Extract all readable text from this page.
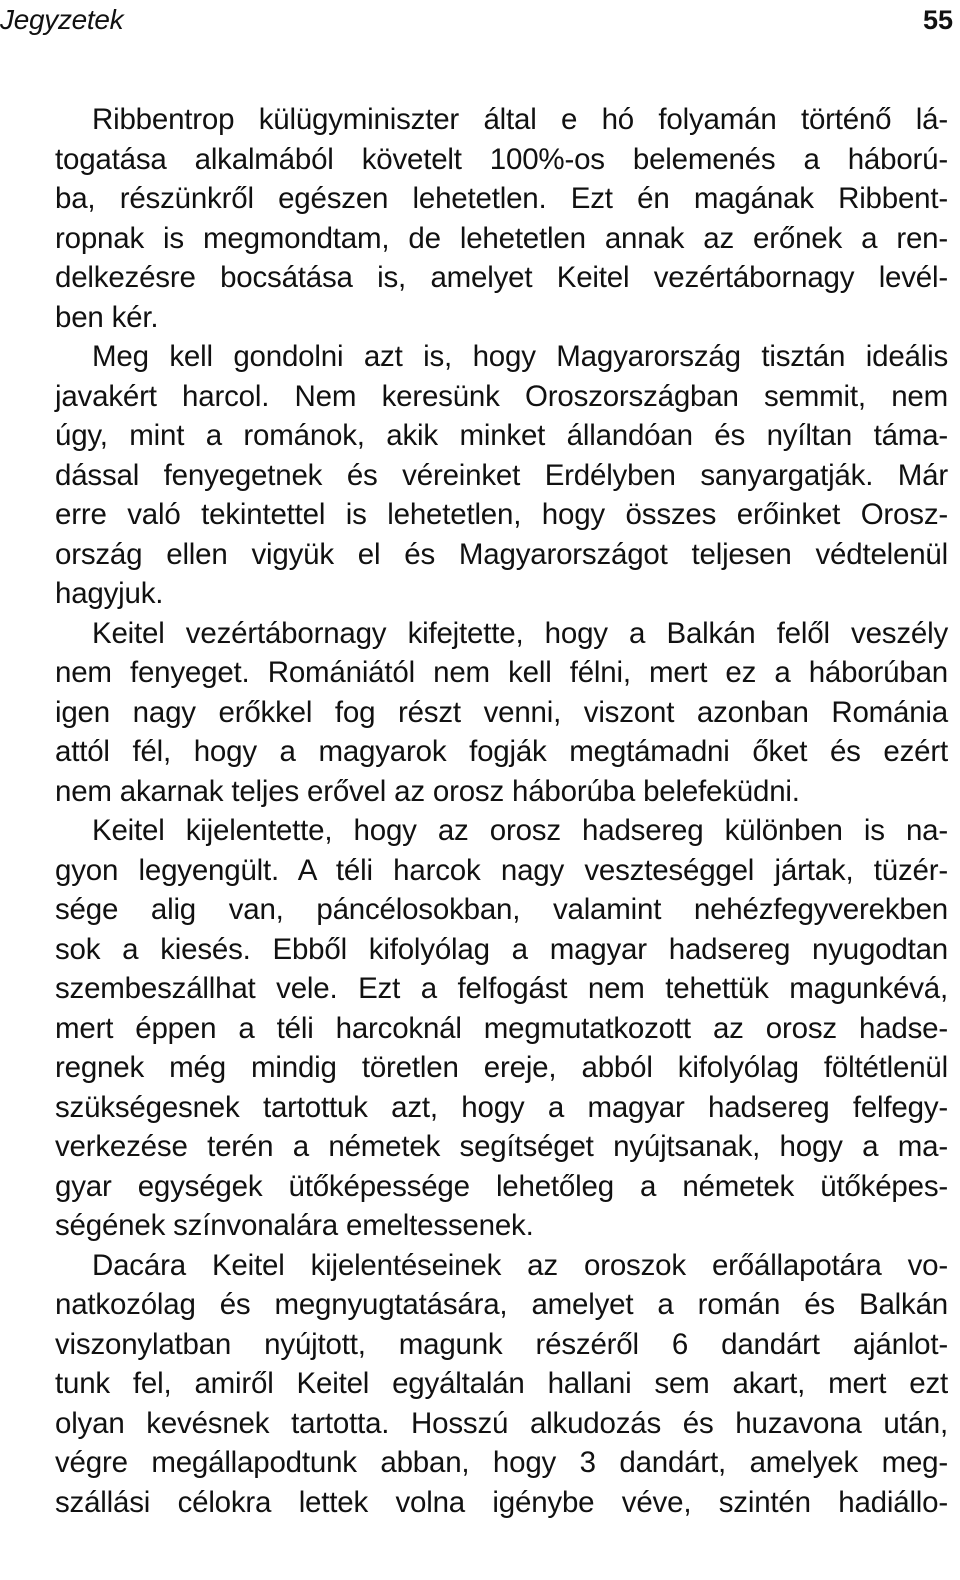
Jegyzetek	55
Ribbentrop külügyminiszter által e hó folyamán történő lá-
togatása alkalmából követelt 100%-os belemenés a háború-
ba, részünkről egészen lehetetlen. Ezt én magának Ribbent-
ropnak is megmondtam, de lehetetlen annak az erőnek a ren-
delkezésre bocsátása is, amelyet Keitel vezértábornagy levél-
ben kér.
Meg kell gondolni azt is, hogy Magyarország tisztán ideális
javakért harcol. Nem keresünk Oroszországban semmit, nem
úgy, mint a románok, akik minket állandóan és nyíltan táma-
dással fenyegetnek és véreinket Erdélyben sanyargatják. Már
erre való tekintettel is lehetetlen, hogy összes erőinket Orosz-
ország ellen vigyük el és Magyarországot teljesen védtelenül
hagyjuk.
Keitel vezértábornagy kifejtette, hogy a Balkán felől veszély
nem fenyeget. Romániától nem kell félni, mert ez a háborúban
igen nagy erőkkel fog részt venni, viszont azonban Románia
attól fél, hogy a magyarok fogják megtámadni őket és ezért
nem akarnak teljes erővel az orosz háborúba belefeküdni.
Keitel kijelentette, hogy az orosz hadsereg különben is na-
gyon legyengült. A téli harcok nagy veszteséggel jártak, tüzér-
sége alig van, páncélosokban, valamint nehézfegyverekben
sok a kiesés. Ebből kifolyólag a magyar hadsereg nyugodtan
szembeszállhat vele. Ezt a felfogást nem tehettük magunkévá,
mert éppen a téli harcoknál megmutatkozott az orosz hadse-
regnek még mindig töretlen ereje, abból kifolyólag föltétlenül
szükségesnek tartottuk azt, hogy a magyar hadsereg felfegy-
verkezése terén a németek segítséget nyújtsanak, hogy a ma-
gyar egységek ütőképessége lehetőleg a németek ütőképes-
ségének színvonalára emeltessenek.
Dacára Keitel kijelentéseinek az oroszok erőállapotára vo-
natkozólag és megnyugtatására, amelyet a román és Balkán
viszonylatban nyújtott, magunk részéről 6 dandárt ajánlot-
tunk fel, amiről Keitel egyáltalán hallani sem akart, mert ezt
olyan kevésnek tartotta. Hosszú alkudozás és huzavona után,
végre megállapodtunk abban, hogy 3 dandárt, amelyek meg-
szállási célokra lettek volna igénybe véve, szintén hadiállo-
